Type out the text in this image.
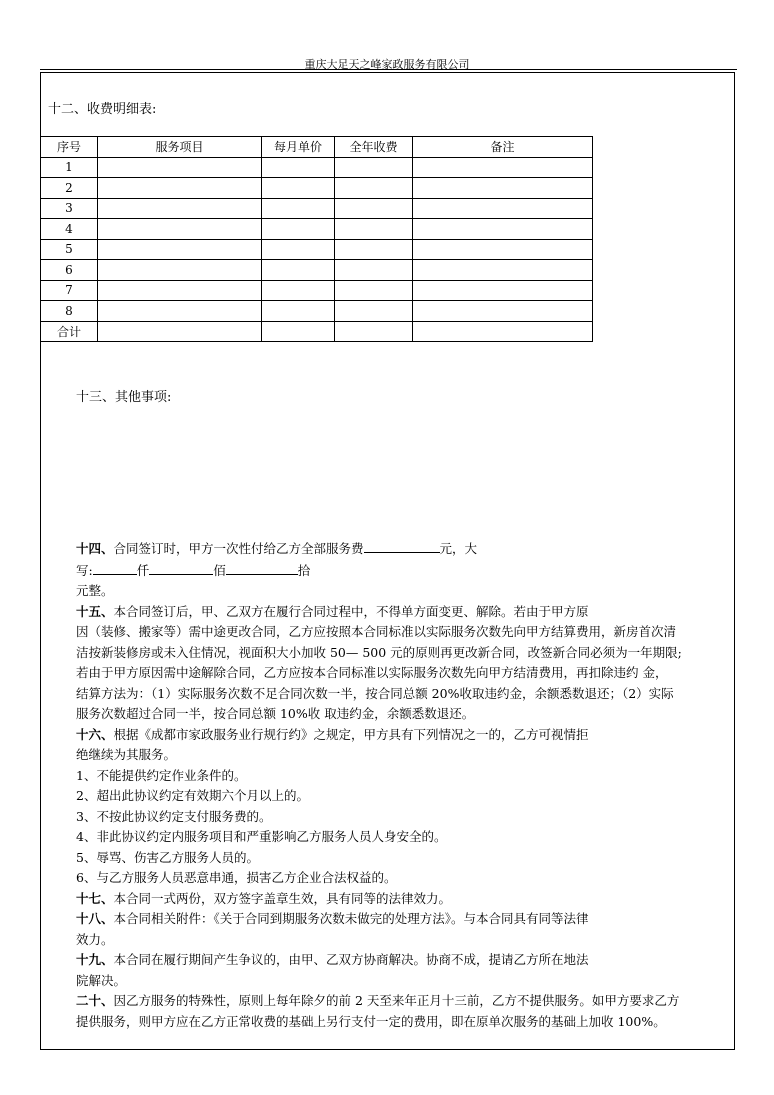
重庆大足天之峰家政服务有限公司
十二、收费明细表:
序号	服务项目	每月单价	全年收费	备注
1				
2				
3				
4				
5				
6				
7				
8				
合计				
十三、其他事项:

十四、合同签订时，甲方一次性付给乙方全部服务费	元，大

写:	仟	佰	拾

元整。

十五、本合同签订后，甲、乙双方在履行合同过程中，不得单方面变更、解除。若由于甲方原

因（装修、搬家等）需中途更改合同，乙方应按照本合同标准以实际服务次数先向甲方结算费用，新房首次清

洁按新装修房或未入住情况，视面积大小加收 50— 500 元的原则再更改新合同，改签新合同必须为一年期限;

若由于甲方原因需中途解除合同，乙方应按本合同标准以实际服务次数先向甲方结清费用，再扣除违约 金，

结算方法为：（1）实际服务次数不足合同次数一半，按合同总额 20%收取违约金，余额悉数退还；（2）实际

服务次数超过合同一半，按合同总额 10%收 取违约金，余额悉数退还。

十六、根据《成都市家政服务业行规行约》之规定，甲方具有下列情况之一的，乙方可视情拒

绝继续为其服务。

1、不能提供约定作业条件的。

2、超出此协议约定有效期六个月以上的。

3、不按此协议约定支付服务费的。

4、非此协议约定内服务项目和严重影响乙方服务人员人身安全的。

5、辱骂、伤害乙方服务人员的。

6、与乙方服务人员恶意串通，损害乙方企业合法权益的。

十七、本合同一式两份，双方签字盖章生效，具有同等的法律效力。

十八、本合同相关附件：《关于合同到期服务次数未做完的处理方法》。与本合同具有同等法律

效力。

十九、本合同在履行期间产生争议的，由甲、乙双方协商解决。协商不成，提请乙方所在地法

院解决。

二十、因乙方服务的特殊性，原则上每年除夕的前 2 天至来年正月十三前，乙方不提供服务。如甲方要求乙方

提供服务，则甲方应在乙方正常收费的基础上另行支付一定的费用，即在原单次服务的基础上加收 100%。
